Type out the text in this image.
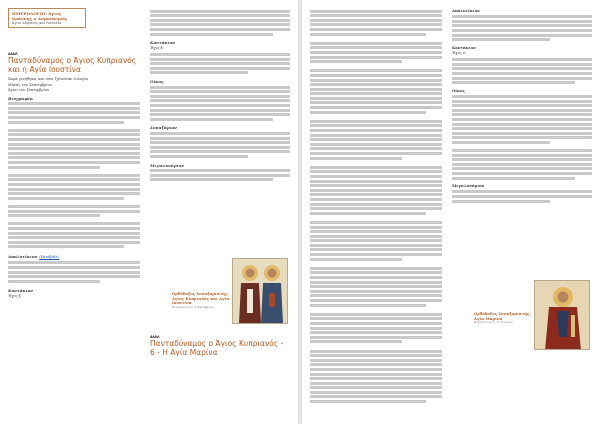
ΗΜΕΡΟΛΟΓΙΟ: Άγιος Ιωάννης ο Δαμασκηνός
Άγιοι Αδριανός και Ναταλία
ΔΙΑΛ
Πανταδύναμος ο Άγιος Κυπριανός και η Αγία Ιουστίνα
Χαρά γενήθηκα, και όσοι ζητούσαν ευλογία
Μήνας του Σεπτεμβρίου
Άγιοι του Σεπτεμβρίου
Βιογραφία
Απολυτίκιον (Κατάβαλε)
Κοντάκιον
Ήχος β'
Κοντάκιον
Ήχος β'
Οίκος
Συναξάριον
Μεγαλυνάριον
Ορθόδοξος Συναξαριστής: Άγιος Κυπριανός και Αγία Ιουστίνα
Εορτάζει στις 2 Οκτωβρίου
ΔΙΑΛ
Πανταδύναμος ο Άγιος Κυπριανός - 6 - Η Αγία Μαρίνα
Απολυτίκιον
Κοντάκιον
Ήχος α'
Οίκος
Μεγαλυνάριον
Ορθόδοξος Συναξαριστής: Αγία Μαρίνα
Εορτάζει στις 17 Ιουλίου
